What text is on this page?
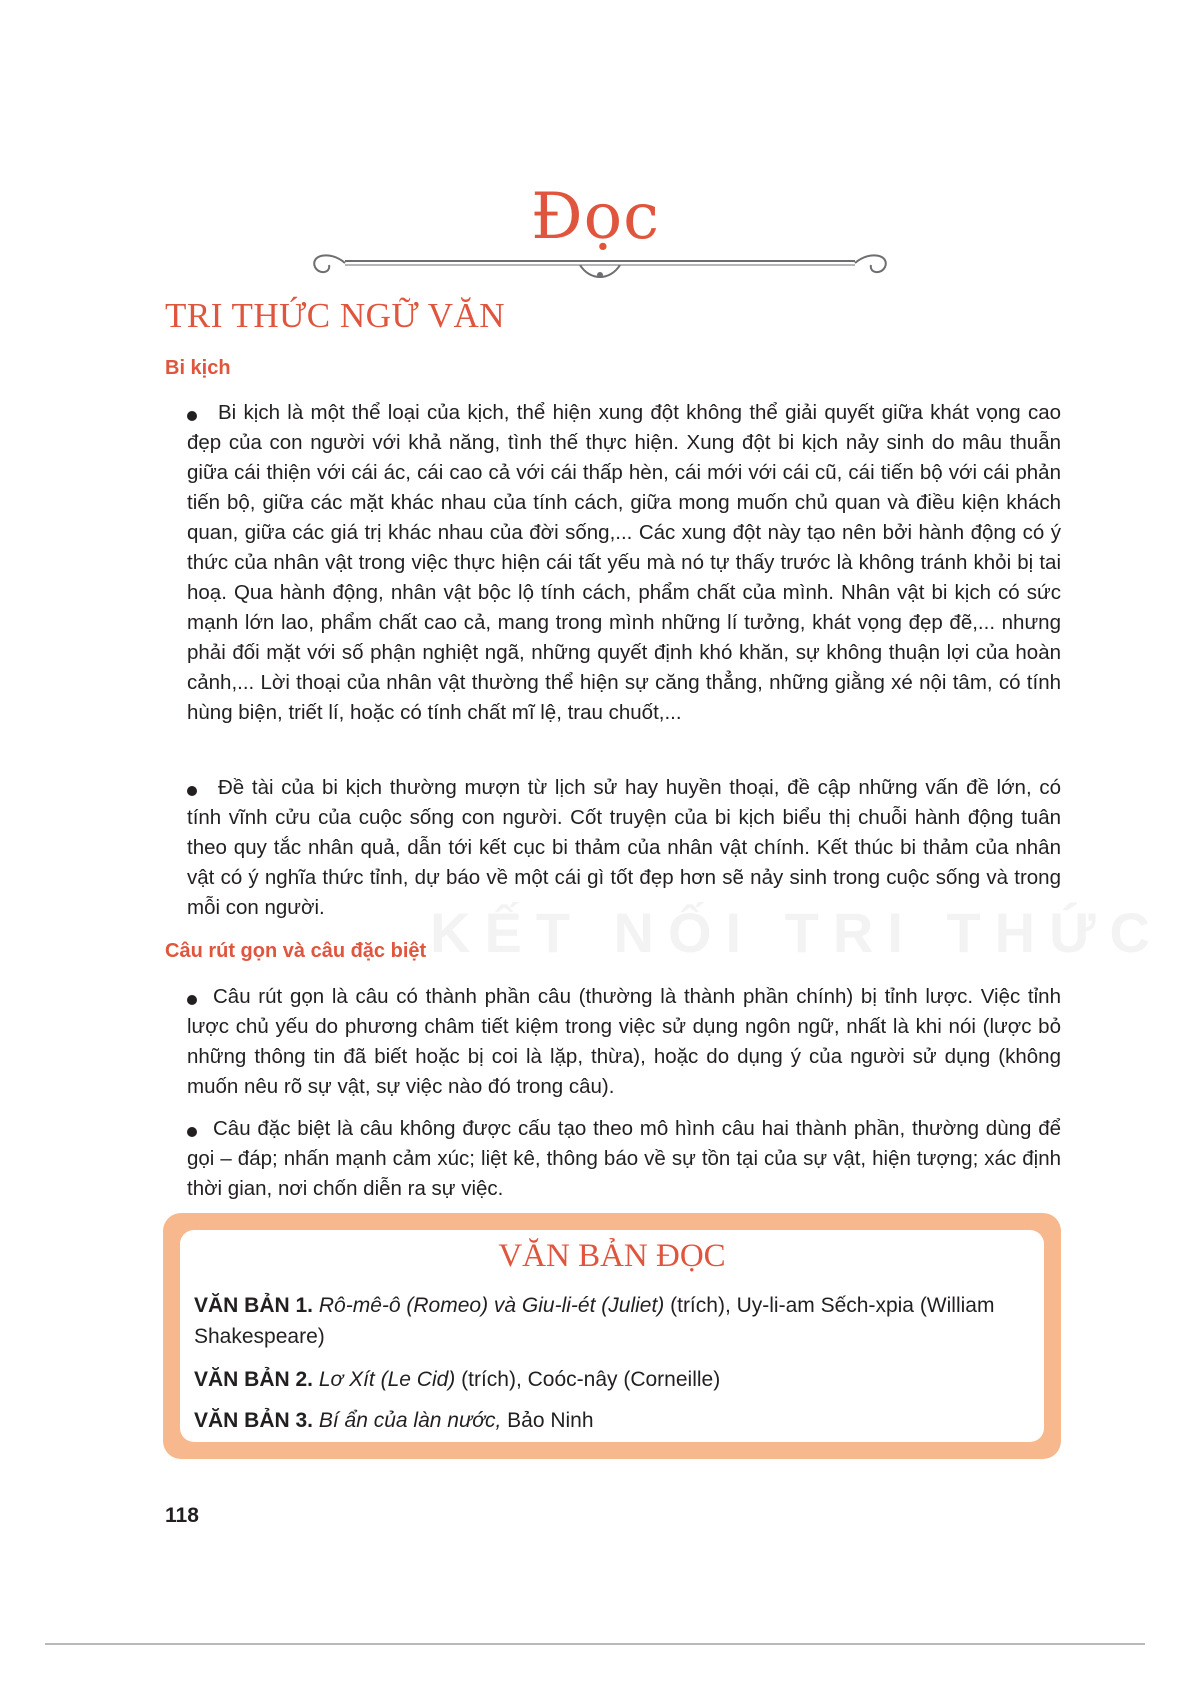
KẾT NỐI TRI THỨC
Đọc
TRI THỨC NGỮ VĂN
Bi kịch
Bi kịch là một thể loại của kịch, thể hiện xung đột không thể giải quyết giữa khát vọng cao đẹp của con người với khả năng, tình thế thực hiện. Xung đột bi kịch nảy sinh do mâu thuẫn giữa cái thiện với cái ác, cái cao cả với cái thấp hèn, cái mới với cái cũ, cái tiến bộ với cái phản tiến bộ, giữa các mặt khác nhau của tính cách, giữa mong muốn chủ quan và điều kiện khách quan, giữa các giá trị khác nhau của đời sống,... Các xung đột này tạo nên bởi hành động có ý thức của nhân vật trong việc thực hiện cái tất yếu mà nó tự thấy trước là không tránh khỏi bị tai hoạ. Qua hành động, nhân vật bộc lộ tính cách, phẩm chất của mình. Nhân vật bi kịch có sức mạnh lớn lao, phẩm chất cao cả, mang trong mình những lí tưởng, khát vọng đẹp đẽ,... nhưng phải đối mặt với số phận nghiệt ngã, những quyết định khó khăn, sự không thuận lợi của hoàn cảnh,... Lời thoại của nhân vật thường thể hiện sự căng thẳng, những giằng xé nội tâm, có tính hùng biện, triết lí, hoặc có tính chất mĩ lệ, trau chuốt,...
Đề tài của bi kịch thường mượn từ lịch sử hay huyền thoại, đề cập những vấn đề lớn, có tính vĩnh cửu của cuộc sống con người. Cốt truyện của bi kịch biểu thị chuỗi hành động tuân theo quy tắc nhân quả, dẫn tới kết cục bi thảm của nhân vật chính. Kết thúc bi thảm của nhân vật có ý nghĩa thức tỉnh, dự báo về một cái gì tốt đẹp hơn sẽ nảy sinh trong cuộc sống và trong mỗi con người.
Câu rút gọn và câu đặc biệt
Câu rút gọn là câu có thành phần câu (thường là thành phần chính) bị tỉnh lược. Việc tỉnh lược chủ yếu do phương châm tiết kiệm trong việc sử dụng ngôn ngữ, nhất là khi nói (lược bỏ những thông tin đã biết hoặc bị coi là lặp, thừa), hoặc do dụng ý của người sử dụng (không muốn nêu rõ sự vật, sự việc nào đó trong câu).
Câu đặc biệt là câu không được cấu tạo theo mô hình câu hai thành phần, thường dùng để gọi – đáp; nhấn mạnh cảm xúc; liệt kê, thông báo về sự tồn tại của sự vật, hiện tượng; xác định thời gian, nơi chốn diễn ra sự việc.
VĂN BẢN ĐỌC
VĂN BẢN 1. Rô-mê-ô (Romeo) và Giu-li-ét (Juliet) (trích), Uy-li-am Sếch-xpia (William Shakespeare)
VĂN BẢN 2. Lơ Xít (Le Cid) (trích), Coóc-nây (Corneille)
VĂN BẢN 3. Bí ẩn của làn nước, Bảo Ninh
118
